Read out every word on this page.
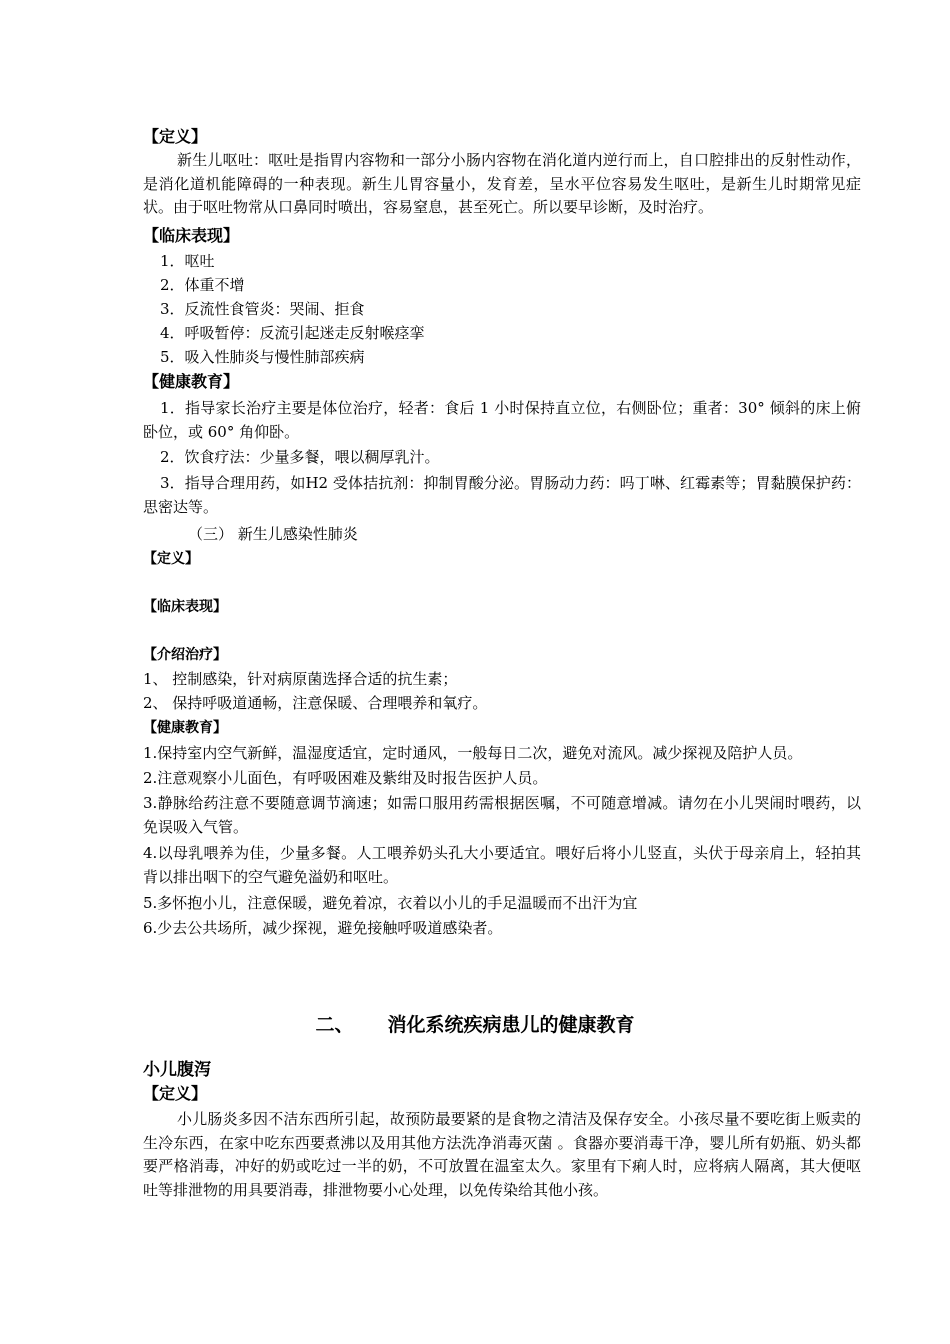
【定义】
新生儿呕吐：呕吐是指胃内容物和一部分小肠内容物在消化道内逆行而上，自口腔排出的反射性动作，是消化道机能障碍的一种表现。新生儿胃容量小，发育差，呈水平位容易发生呕吐，是新生儿时期常见症状。由于呕吐物常从口鼻同时喷出，容易窒息，甚至死亡。所以要早诊断，及时治疗。
【临床表现】
1．呕吐
2．体重不增
3．反流性食管炎：哭闹、拒食
4．呼吸暂停：反流引起迷走反射喉痉挛
5．吸入性肺炎与慢性肺部疾病
【健康教育】
1．指导家长治疗主要是体位治疗，轻者：食后 1 小时保持直立位，右侧卧位；重者：30° 倾斜的床上俯卧位，或 60° 角仰卧。
2．饮食疗法：少量多餐，喂以稠厚乳汁。
3．指导合理用药，如H2 受体拮抗剂：抑制胃酸分泌。胃肠动力药：吗丁啉、红霉素等；胃黏膜保护药：思密达等。
（三） 新生儿感染性肺炎
【定义】
【临床表现】
【介绍治疗】
1、 控制感染，针对病原菌选择合适的抗生素；
2、 保持呼吸道通畅，注意保暖、合理喂养和氧疗。
【健康教育】
1.保持室内空气新鲜，温湿度适宜，定时通风，一般每日二次，避免对流风。减少探视及陪护人员。
2.注意观察小儿面色，有呼吸困难及紫绀及时报告医护人员。
3.静脉给药注意不要随意调节滴速；如需口服用药需根据医嘱，不可随意增减。请勿在小儿哭闹时喂药，以免误吸入气管。
4.以母乳喂养为佳，少量多餐。人工喂养奶头孔大小要适宜。喂好后将小儿竖直，头伏于母亲肩上，轻拍其背以排出咽下的空气避免溢奶和呕吐。
5.多怀抱小儿，注意保暖，避免着凉，衣着以小儿的手足温暖而不出汗为宜
6.少去公共场所，减少探视，避免接触呼吸道感染者。
二、 消化系统疾病患儿的健康教育
小儿腹泻
【定义】
小儿肠炎多因不洁东西所引起，故预防最要紧的是食物之清洁及保存安全。小孩尽量不要吃街上贩卖的生冷东西，在家中吃东西要煮沸以及用其他方法洗净消毒灭菌 。食器亦要消毒干净，婴儿所有奶瓶、奶头都要严格消毒，冲好的奶或吃过一半的奶，不可放置在温室太久。家里有下痢人时，应将病人隔离，其大便呕吐等排泄物的用具要消毒，排泄物要小心处理，以免传染给其他小孩。
